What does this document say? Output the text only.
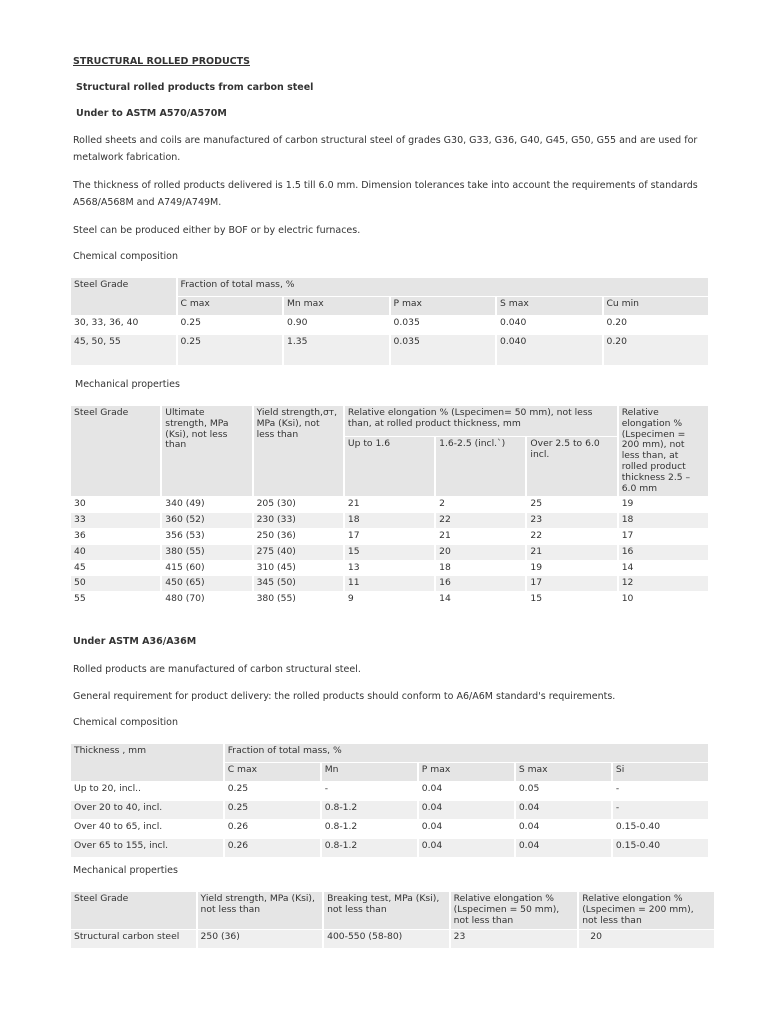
STRUCTURAL ROLLED PRODUCTS
Structural rolled products from carbon steel
Under to ASTM A570/A570M
Rolled sheets and coils are manufactured of carbon structural steel of grades G30, G33, G36, G40, G45, G50, G55 and are used for metalwork fabrication.
The thickness of rolled products delivered is 1.5 till 6.0 mm. Dimension tolerances take into account the requirements of standards A568/A568M and A749/A749M.
Steel can be produced either by BOF or by electric furnaces.
Chemical composition
Steel Grade	Fraction of total mass, %				
	C max	Mn max	P max	S max	Cu min
30, 33, 36, 40	0.25	0.90	0.035	0.040	0.20
45, 50, 55	0.25	1.35	0.035	0.040	0.20
Mechanical properties
Steel Grade	Ultimate strength, MPa (Ksi), not less than	Yield strength,σт, MPa (Ksi), not less than	Relative elongation % (Lspecimen= 50 mm), not less than, at rolled product thickness, mm			Relative elongation % (Lspecimen = 200 mm), not less than, at rolled product thickness 2.5 – 6.0 mm
			Up to 1.6	1.6-2.5 (incl.`)	Over 2.5 to 6.0 incl.	
30	340 (49)	205 (30)	21	2	25	19
33	360 (52)	230 (33)	18	22	23	18
36	356 (53)	250 (36)	17	21	22	17
40	380 (55)	275 (40)	15	20	21	16
45	415 (60)	310 (45)	13	18	19	14
50	450 (65)	345 (50)	11	16	17	12
55	480 (70)	380 (55)	9	14	15	10
Under ASTM A36/A36M
Rolled products are manufactured of carbon structural steel.
General requirement for product delivery: the rolled products should conform to A6/A6M standard's requirements.
Chemical composition
Thickness , mm	Fraction of total mass, %				
	C max	Mn	P max	S max	Si
Up to 20, incl..	0.25	-	0.04	0.05	-
Over 20 to 40, incl.	0.25	0.8-1.2	0.04	0.04	-
Over 40 to 65, incl.	0.26	0.8-1.2	0.04	0.04	0.15-0.40
Over 65 to 155, incl.	0.26	0.8-1.2	0.04	0.04	0.15-0.40
Mechanical properties
Steel Grade	Yield strength, MPa (Ksi), not less than	Breaking test, MPa (Ksi), not less than	Relative elongation % (Lspecimen = 50 mm), not less than	Relative elongation % (Lspecimen = 200 mm), not less than
Structural carbon steel	250 (36)	400-550 (58-80)	23	20
